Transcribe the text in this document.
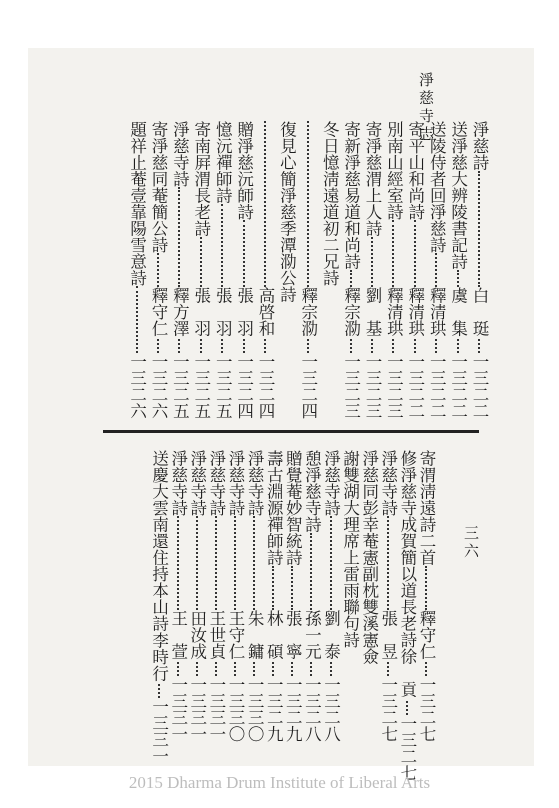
淨慈寺志
三六
淨慈詩
白　珽
一三二二
送淨慈大辨陵書記詩
虞　集
一三二二
送陵侍者回淨慈詩
釋清珙
一三二二
寄平山和尚詩
釋清珙
一三二二
別南山經室詩
釋清珙
一三二三
寄淨慈渭上人詩
劉　基
一三二三
寄新淨慈易道和尚詩
釋宗泐
一三二三
冬日憶淸遠道初二兄詩
釋宗泐
一三二四
復見心簡淨慈季潭泐公詩
高啓和
一三二四
贈淨慈沅師詩
張　羽
一三二四
憶沅禪師詩
張　羽
一三二五
寄南屛渭長老詩
張　羽
一三二五
淨慈寺詩
釋方澤
一三二五
寄淨慈同菴簡公詩
釋守仁
一三二六
題祥止菴壹靠陽雪意詩
一三二六
寄渭淸遠詩二首
釋守仁
一三二七
修淨慈寺成賀簡以道長老詩
徐　貢
一三二七
淨慈寺詩
張　昱
一三二七
淨慈同彭幸菴憲副枕雙溪憲僉
謝雙湖大理席上雷雨聯句詩
淨慈寺詩
劉　泰
一三二八
憩淨慈寺詩
孫一元
一三二八
贈覺菴妙智統詩
張　寧
一三二九
壽古淵源禪師詩
林　碩
一三二九
淨慈寺詩
朱　鏞
一三三〇
淨慈寺詩
王守仁
一三三〇
淨慈寺詩
王世貞
一三三一
淨慈寺詩
田汝成
一三三一
淨慈寺詩
王　萱
一三三一
送慶大雲南還住持本山詩
李時行
一三三一
2015 Dharma Drum Institute of Liberal Arts
